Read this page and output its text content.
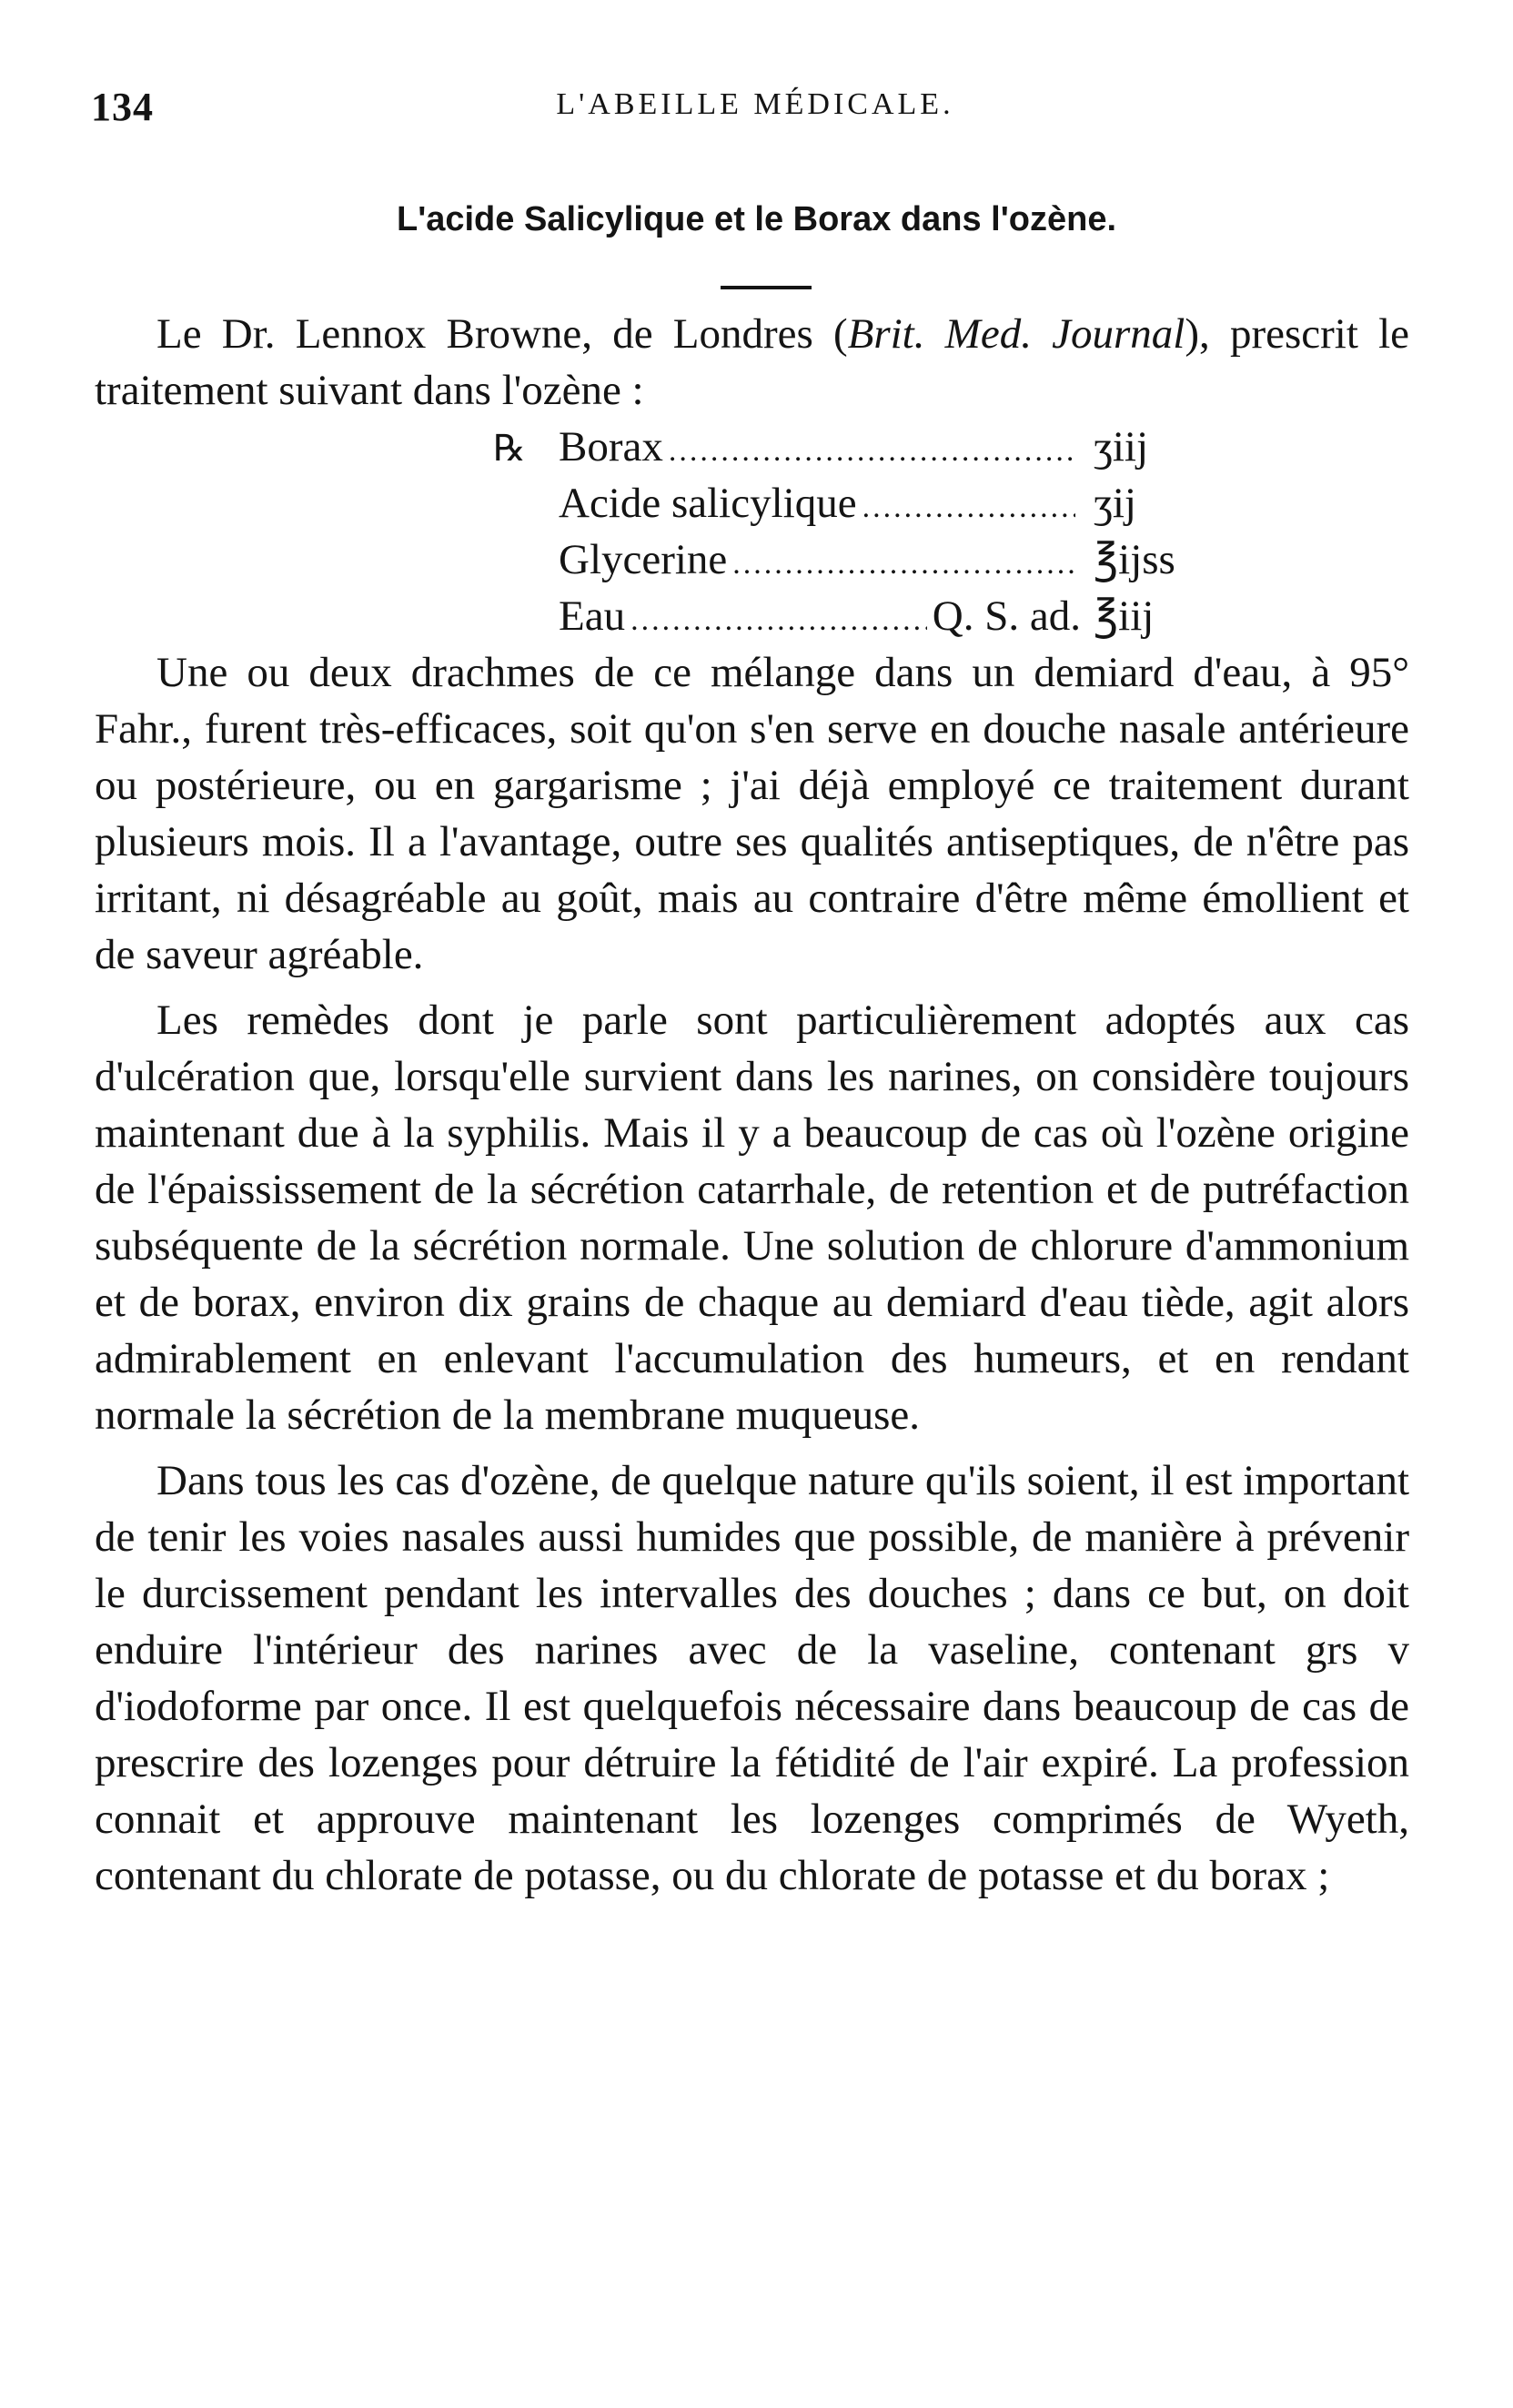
134	L'ABEILLE MÉDICALE.
L'acide Salicylique et le Borax dans l'ozène.

Le Dr. Lennox Browne, de Londres (Brit. Med. Journal), prescrit le traitement suivant dans l'ozène :

℞ Borax .....	ʒiij
Acide salicylique .....	ʒij
Glycerine .....	℥ijss
Eau .....	Q. S. ad. ℥iij

Une ou deux drachmes de ce mélange dans un demiard d'eau, à 95° Fahr., furent très-efficaces, soit qu'on s'en serve en douche nasale antérieure ou postérieure, ou en gargarisme ; j'ai déjà employé ce traitement durant plusieurs mois. Il a l'avantage, outre ses qualités antiseptiques, de n'être pas irritant, ni désagréable au goût, mais au contraire d'être même émollient et de saveur agréable.

Les remèdes dont je parle sont particulièrement adoptés aux cas d'ulcération que, lorsqu'elle survient dans les narines, on considère toujours maintenant due à la syphilis. Mais il y a beaucoup de cas où l'ozène origine de l'épaississement de la sécrétion catarrhale, de retention et de putréfaction subséquente de la sécrétion normale. Une solution de chlorure d'ammonium et de borax, environ dix grains de chaque au demiard d'eau tiède, agit alors admirablement en enlevant l'accumulation des humeurs, et en rendant normale la sécrétion de la membrane muqueuse.

Dans tous les cas d'ozène, de quelque nature qu'ils soient, il est important de tenir les voies nasales aussi humides que possible, de manière à prévenir le durcissement pendant les intervalles des douches ; dans ce but, on doit enduire l'intérieur des narines avec de la vaseline, contenant grs v d'iodoforme par once. Il est quelquefois nécessaire dans beaucoup de cas de prescrire des lozenges pour détruire la fétidité de l'air expiré. La profession connait et approuve maintenant les lozenges comprimés de Wyeth, contenant du chlorate de potasse, ou du chlorate de potasse et du borax ;
